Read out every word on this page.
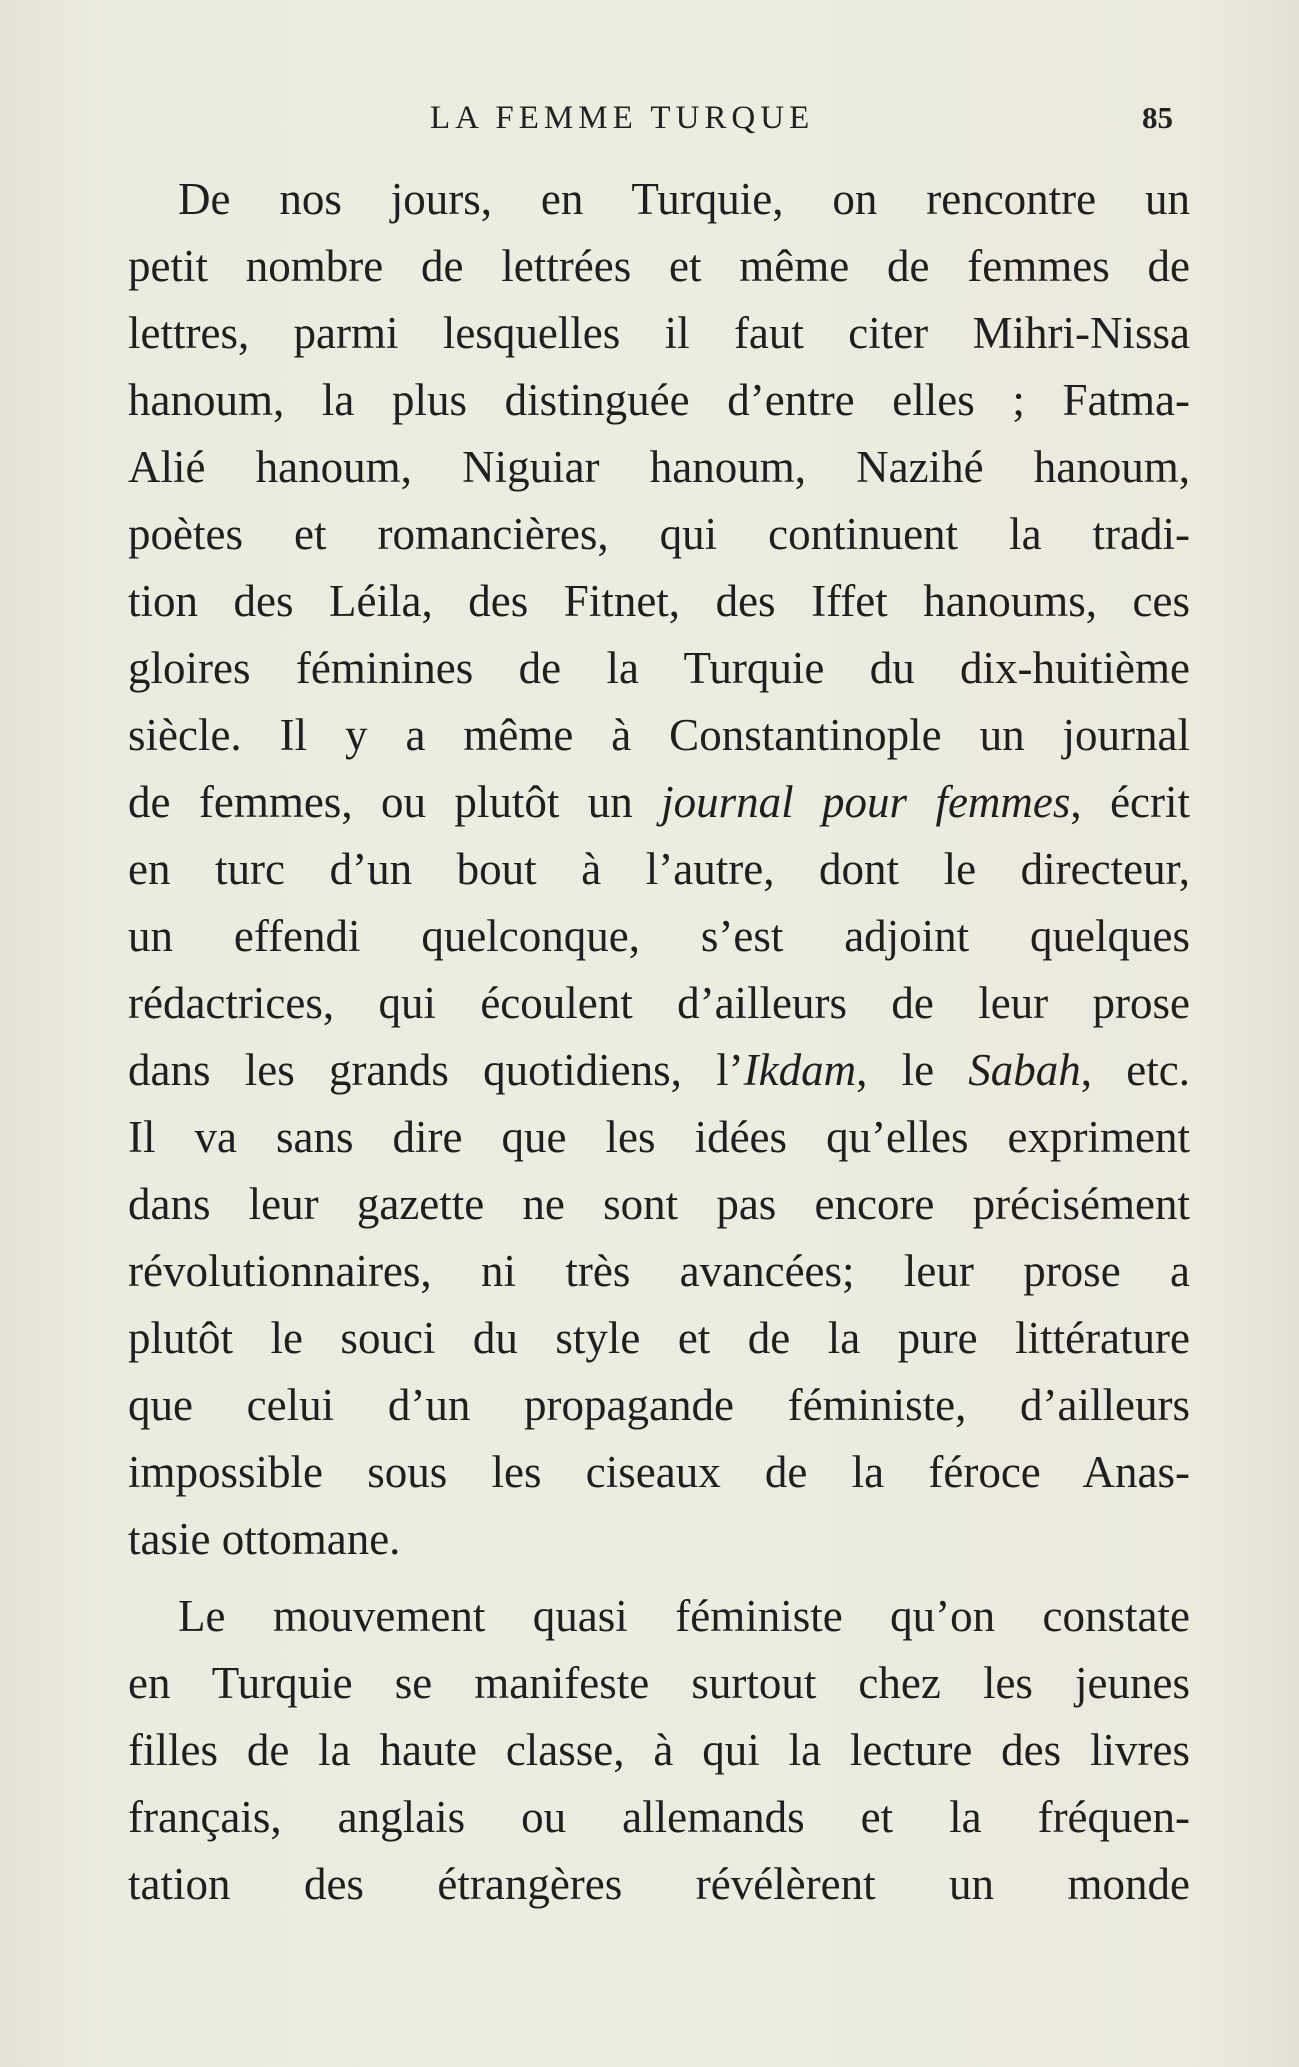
LA FEMME TURQUE	85
De nos jours, en Turquie, on rencontre un
petit nombre de lettrées et même de femmes de
lettres, parmi lesquelles il faut citer Mihri-Nissa
hanoum, la plus distinguée d’entre elles ; Fatma-
Alié hanoum, Niguiar hanoum, Nazihé hanoum,
poètes et romancières, qui continuent la tradi-
tion des Léila, des Fitnet, des Iffet hanoums, ces
gloires féminines de la Turquie du dix-huitième
siècle. Il y a même à Constantinople un journal
de femmes, ou plutôt un journal pour femmes, écrit
en turc d’un bout à l’autre, dont le directeur,
un effendi quelconque, s’est adjoint quelques
rédactrices, qui écoulent d’ailleurs de leur prose
dans les grands quotidiens, l’Ikdam, le Sabah, etc.
Il va sans dire que les idées qu’elles expriment
dans leur gazette ne sont pas encore précisément
révolutionnaires, ni très avancées; leur prose a
plutôt le souci du style et de la pure littérature
que celui d’un propagande féministe, d’ailleurs
impossible sous les ciseaux de la féroce Anas-
tasie ottomane.
Le mouvement quasi féministe qu’on constate
en Turquie se manifeste surtout chez les jeunes
filles de la haute classe, à qui la lecture des livres
français, anglais ou allemands et la fréquen-
tation des étrangères révélèrent un monde
